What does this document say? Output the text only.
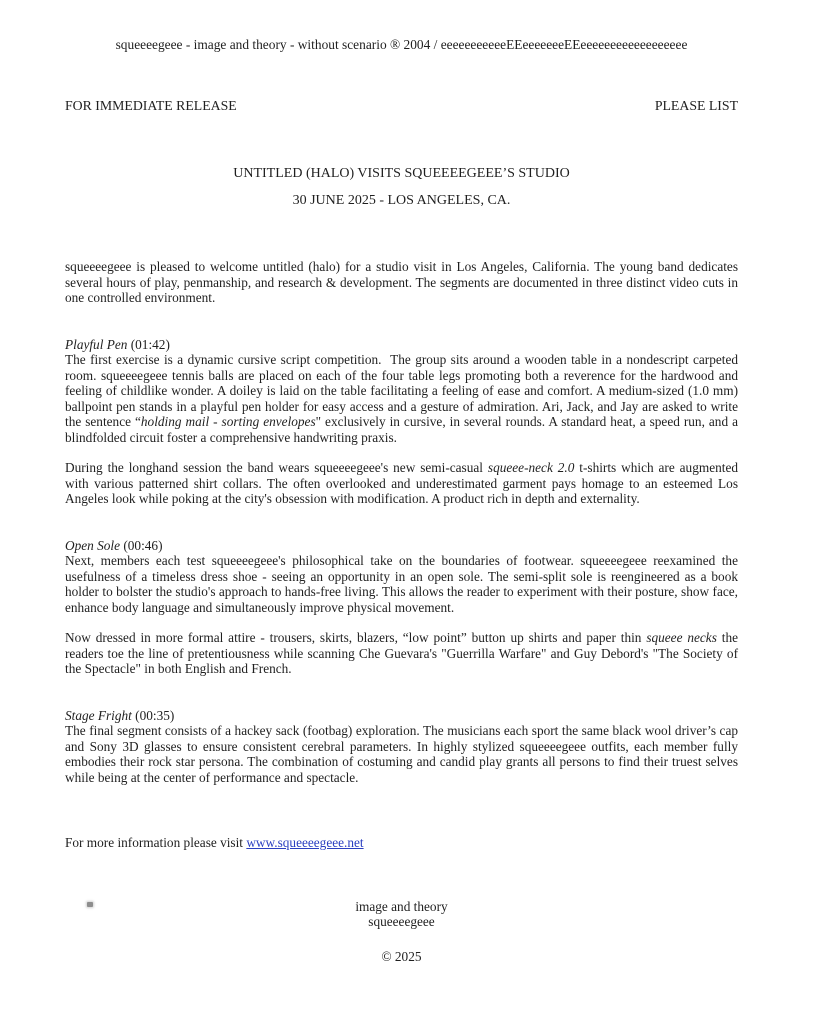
squeeeegeee - image and theory - without scenario ® 2004 / eeeeeeeeeeeEEeeeeeeeEEeeeeeeeeeeeeeeeeee
FOR IMMEDIATE RELEASE	PLEASE LIST
UNTITLED (HALO) VISITS SQUEEEEGEEE’S STUDIO
30 JUNE 2025 - LOS ANGELES, CA.

squeeeegeee is pleased to welcome untitled (halo) for a studio visit in Los Angeles, California. The young band dedicates several hours of play, penmanship, and research & development. The segments are documented in three distinct video cuts in one controlled environment.

Playful Pen (01:42)

The first exercise is a dynamic cursive script competition.  The group sits around a wooden table in a nondescript carpeted room. squeeeegeee tennis balls are placed on each of the four table legs promoting both a reverence for the hardwood and feeling of childlike wonder. A doiley is laid on the table facilitating a feeling of ease and comfort. A medium-sized (1.0 mm) ballpoint pen stands in a playful pen holder for easy access and a gesture of admiration. Ari, Jack, and Jay are asked to write the sentence “holding mail - sorting envelopes" exclusively in cursive, in several rounds. A standard heat, a speed run, and a blindfolded circuit foster a comprehensive handwriting praxis.

During the longhand session the band wears squeeeegeee's new semi-casual squeee-neck 2.0 t-shirts which are augmented with various patterned shirt collars. The often overlooked and underestimated garment pays homage to an esteemed Los Angeles look while poking at the city's obsession with modification. A product rich in depth and externality.

Open Sole (00:46)

Next, members each test squeeeegeee's philosophical take on the boundaries of footwear. squeeeegeee reexamined the usefulness of a timeless dress shoe - seeing an opportunity in an open sole. The semi-split sole is reengineered as a book holder to bolster the studio's approach to hands-free living. This allows the reader to experiment with their posture, show face, enhance body language and simultaneously improve physical movement.

Now dressed in more formal attire - trousers, skirts, blazers, “low point” button up shirts and paper thin squeee necks the readers toe the line of pretentiousness while scanning Che Guevara's "Guerrilla Warfare" and Guy Debord's "The Society of the Spectacle" in both English and French.

Stage Fright (00:35)

The final segment consists of a hackey sack (footbag) exploration. The musicians each sport the same black wool driver’s cap and Sony 3D glasses to ensure consistent cerebral parameters. In highly stylized squeeeegeee outfits, each member fully embodies their rock star persona. The combination of costuming and candid play grants all persons to find their truest selves while being at the center of performance and spectacle.

For more information please visit www.squeeeegeee.net

image and theory
squeeeegeee
© 2025
